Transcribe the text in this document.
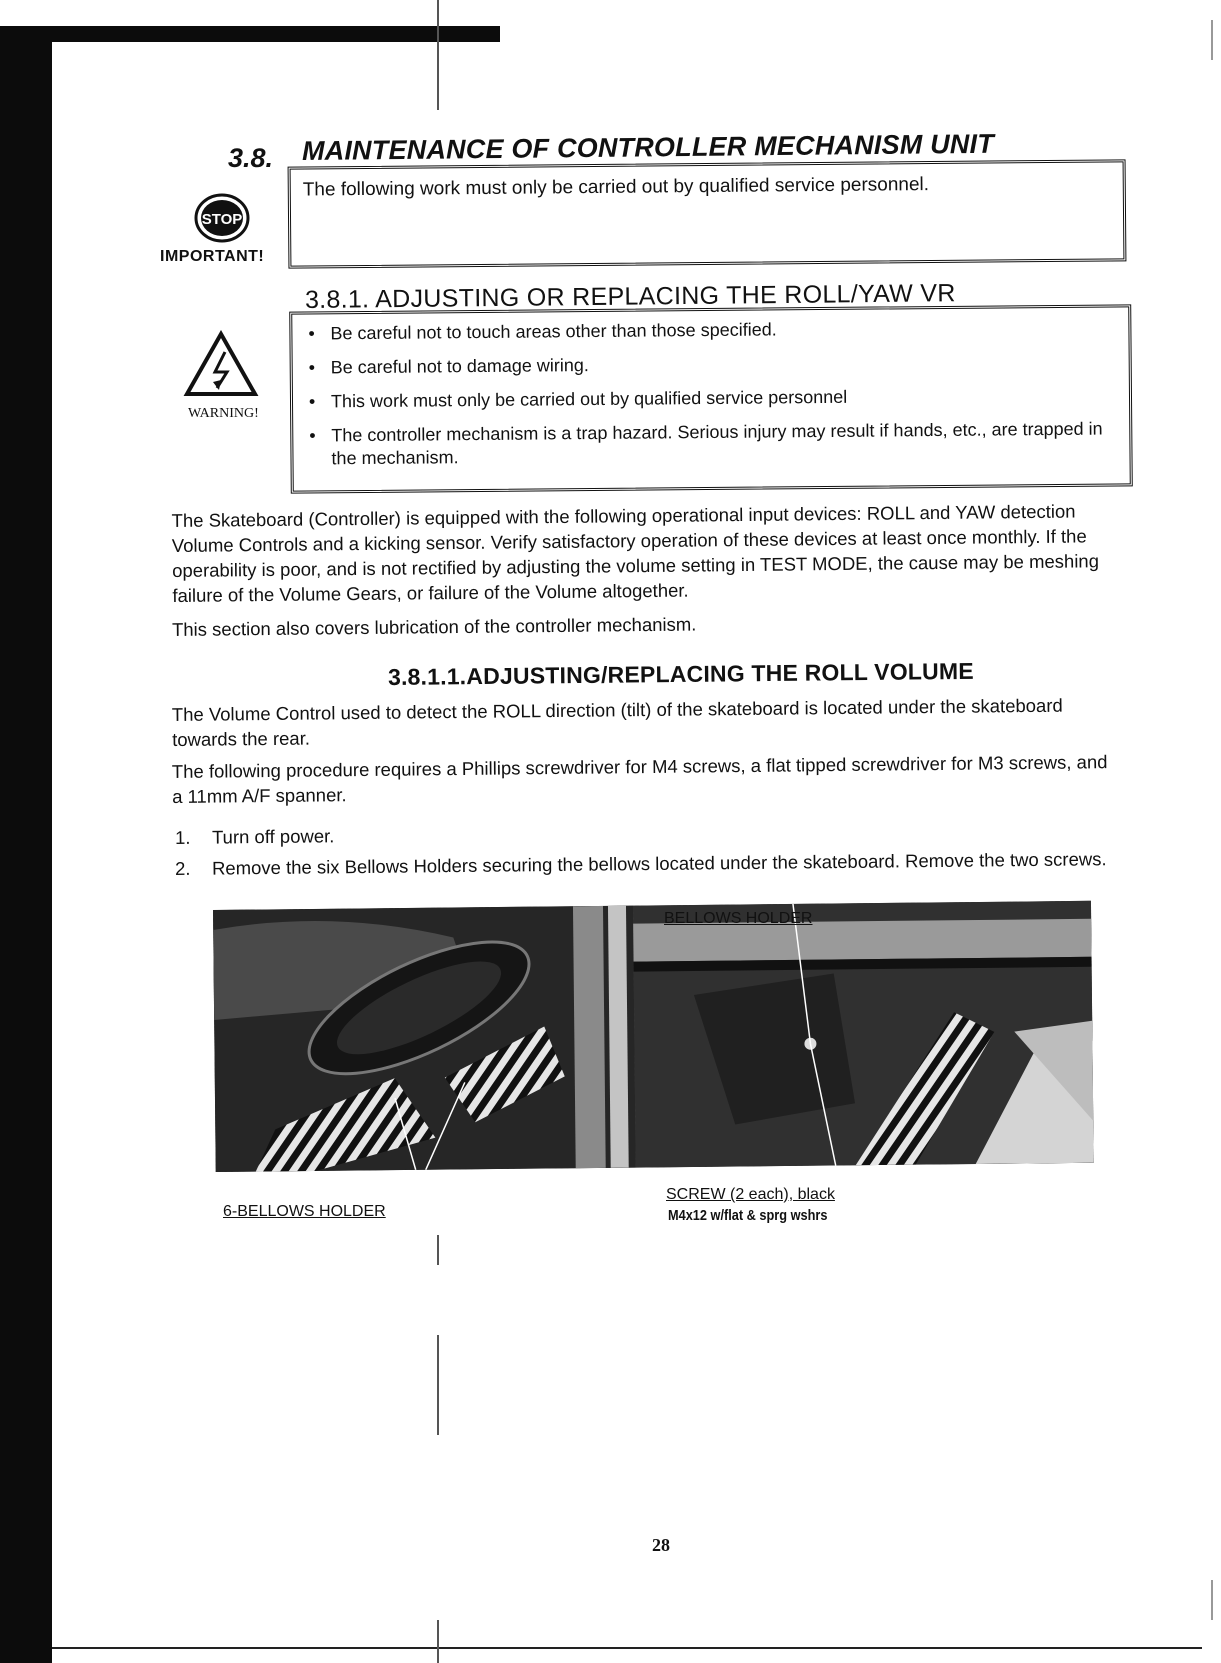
3.8. MAINTENANCE OF CONTROLLER MECHANISM UNIT
STOP
IMPORTANT!
The following work must only be carried out by qualified service personnel.
3.8.1. ADJUSTING OR REPLACING THE ROLL/YAW VR
WARNING!
• Be careful not to touch areas other than those specified.
• Be careful not to damage wiring.
• This work must only be carried out by qualified service personnel
• The controller mechanism is a trap hazard. Serious injury may result if hands, etc., are trapped in the mechanism.

The Skateboard (Controller) is equipped with the following operational input devices: ROLL and YAW detection Volume Controls and a kicking sensor. Verify satisfactory operation of these devices at least once monthly. If the operability is poor, and is not rectified by adjusting the volume setting in TEST MODE, the cause may be meshing failure of the Volume Gears, or failure of the Volume altogether.

This section also covers lubrication of the controller mechanism.

3.8.1.1.ADJUSTING/REPLACING THE ROLL VOLUME

The Volume Control used to detect the ROLL direction (tilt) of the skateboard is located under the skateboard towards the rear.

The following procedure requires a Phillips screwdriver for M4 screws, a flat tipped screwdriver for M3 screws, and a 11mm A/F spanner.

1.	Turn off power.
2.	Remove the six Bellows Holders securing the bellows located under the skateboard. Remove the two screws.
BELLOWS HOLDER
6-BELLOWS HOLDER
SCREW (2 each), black
M4x12 w/flat & sprg wshrs
28
